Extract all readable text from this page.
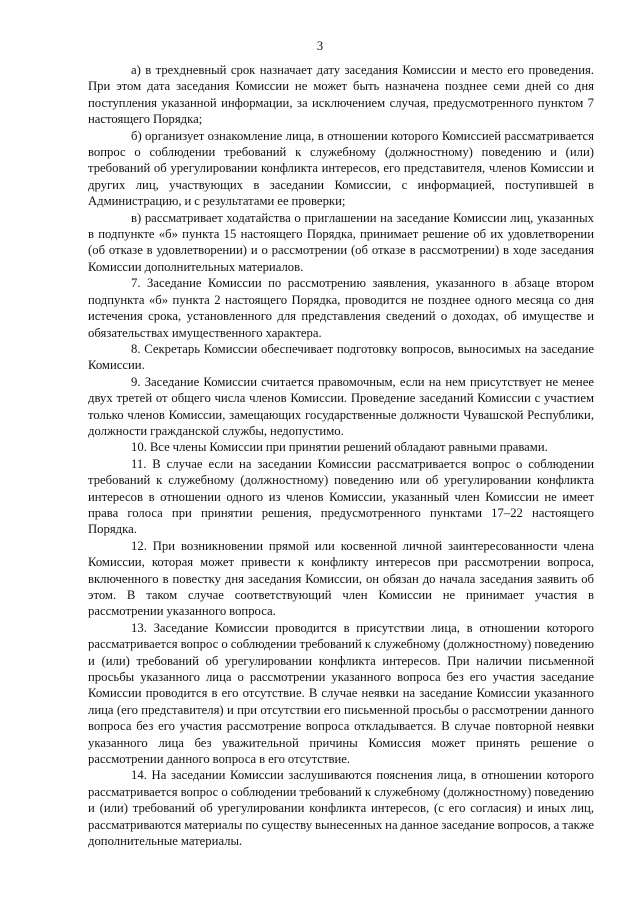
3

а) в трехдневный срок назначает дату заседания Комиссии и место его проведения. При этом дата заседания Комиссии не может быть назначена позднее семи дней со дня поступления указанной информации, за исключением случая, предусмотренного пунктом 7 настоящего Порядка;

б) организует ознакомление лица, в отношении которого Комиссией рассматривается вопрос о соблюдении требований к служебному (должностному) поведению и (или) требований об урегулировании конфликта интересов, его представителя, членов Комиссии и других лиц, участвующих в заседании Комиссии, с информацией, поступившей в Администрацию, и с результатами ее проверки;

в) рассматривает ходатайства о приглашении на заседание Комиссии лиц, указанных в подпункте «б» пункта 15 настоящего Порядка, принимает решение об их удовлетворении (об отказе в удовлетворении) и о рассмотрении (об отказе в рассмотрении) в ходе заседания Комиссии дополнительных материалов.

7. Заседание Комиссии по рассмотрению заявления, указанного в абзаце втором подпункта «б» пункта 2 настоящего Порядка, проводится не позднее одного месяца со дня истечения срока, установленного для представления сведений о доходах, об имуществе и обязательствах имущественного характера.

8. Секретарь Комиссии обеспечивает подготовку вопросов, выносимых на заседание Комиссии.

9. Заседание Комиссии считается правомочным, если на нем присутствует не менее двух третей от общего числа членов Комиссии. Проведение заседаний Комиссии с участием только членов Комиссии, замещающих государственные должности Чувашской Республики, должности гражданской службы, недопустимо.

10. Все члены Комиссии при принятии решений обладают равными правами.

11. В случае если на заседании Комиссии рассматривается вопрос о соблюдении требований к служебному (должностному) поведению или об урегулировании конфликта интересов в отношении одного из членов Комиссии, указанный член Комиссии не имеет права голоса при принятии решения, предусмотренного пунктами 17–22 настоящего Порядка.

12. При возникновении прямой или косвенной личной заинтересованности члена Комиссии, которая может привести к конфликту интересов при рассмотрении вопроса, включенного в повестку дня заседания Комиссии, он обязан до начала заседания заявить об этом. В таком случае соответствующий член Комиссии не принимает участия в рассмотрении указанного вопроса.

13. Заседание Комиссии проводится в присутствии лица, в отношении которого рассматривается вопрос о соблюдении требований к служебному (должностному) поведению и (или) требований об урегулировании конфликта интересов. При наличии письменной просьбы указанного лица о рассмотрении указанного вопроса без его участия заседание Комиссии проводится в его отсутствие. В случае неявки на заседание Комиссии указанного лица (его представителя) и при отсутствии его письменной просьбы о рассмотрении данного вопроса без его участия рассмотрение вопроса откладывается. В случае повторной неявки указанного лица без уважительной причины Комиссия может принять решение о рассмотрении данного вопроса в его отсутствие.

14. На заседании Комиссии заслушиваются пояснения лица, в отношении которого рассматривается вопрос о соблюдении требований к служебному (должностному) поведению и (или) требований об урегулировании конфликта интересов, (с его согласия) и иных лиц, рассматриваются материалы по существу вынесенных на данное заседание вопросов, а также дополнительные материалы.
